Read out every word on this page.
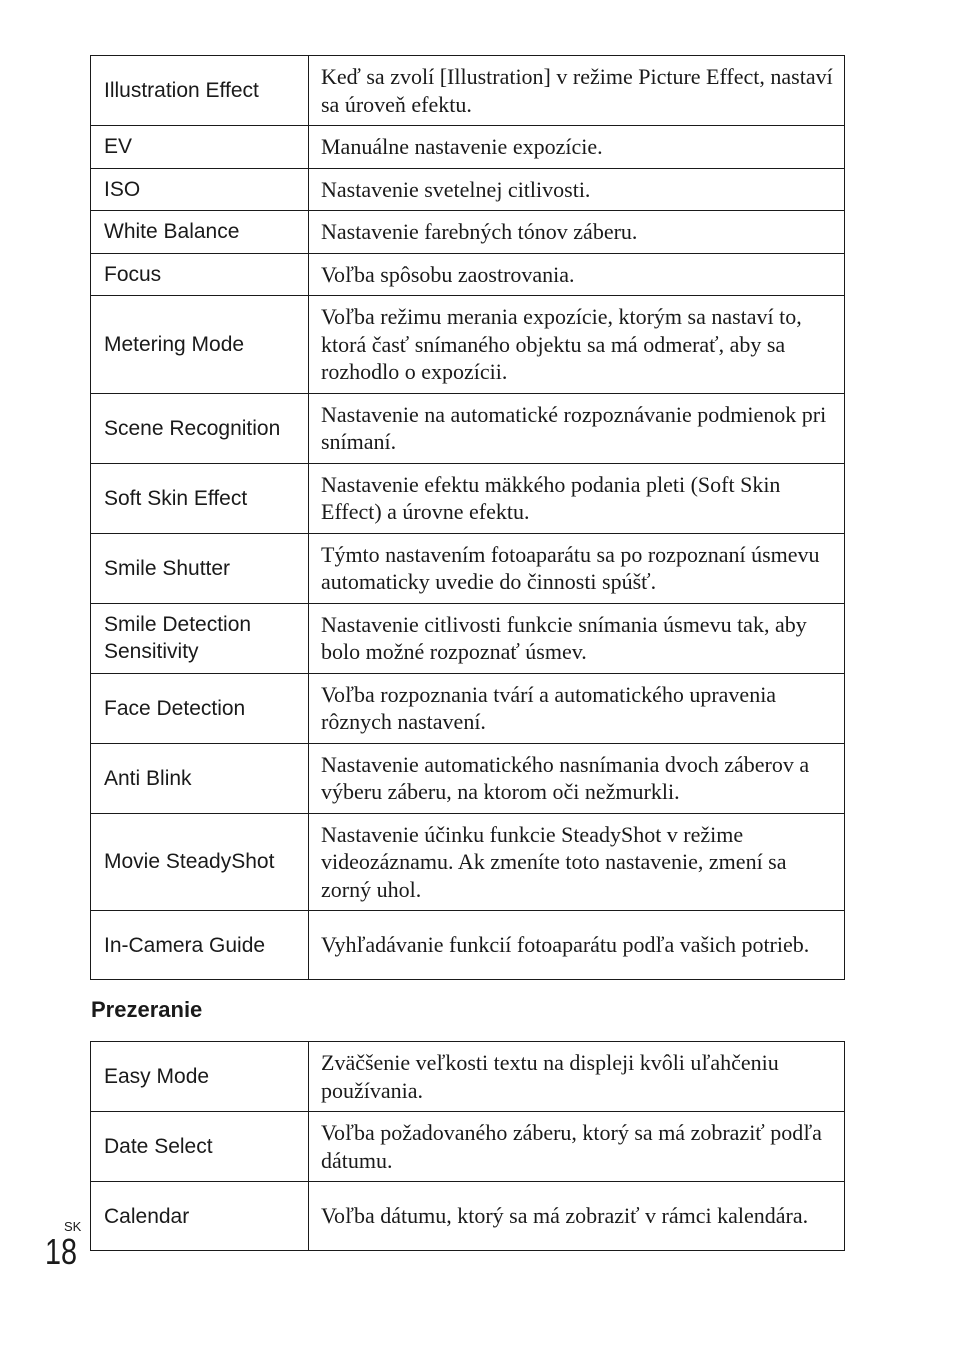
Illustration Effect	Keď sa zvolí [Illustration] v režime Picture Effect, nastaví sa úroveň efektu.
EV	Manuálne nastavenie expozície.
ISO	Nastavenie svetelnej citlivosti.
White Balance	Nastavenie farebných tónov záberu.
Focus	Voľba spôsobu zaostrovania.
Metering Mode	Voľba režimu merania expozície, ktorým sa nastaví to, ktorá časť snímaného objektu sa má odmerať, aby sa rozhodlo o expozícii.
Scene Recognition	Nastavenie na automatické rozpoznávanie podmienok pri snímaní.
Soft Skin Effect	Nastavenie efektu mäkkého podania pleti (Soft Skin Effect) a úrovne efektu.
Smile Shutter	Týmto nastavením fotoaparátu sa po rozpoznaní úsmevu automaticky uvedie do činnosti spúšť.
Smile Detection Sensitivity	Nastavenie citlivosti funkcie snímania úsmevu tak, aby bolo možné rozpoznať úsmev.
Face Detection	Voľba rozpoznania tvárí a automatického upravenia rôznych nastavení.
Anti Blink	Nastavenie automatického nasnímania dvoch záberov a výberu záberu, na ktorom oči nežmurkli.
Movie SteadyShot	Nastavenie účinku funkcie SteadyShot v režime videozáznamu. Ak zmeníte toto nastavenie, zmení sa zorný uhol.
In-Camera Guide	Vyhľadávanie funkcií fotoaparátu podľa vašich potrieb.
Prezeranie
Easy Mode	Zväčšenie veľkosti textu na displeji kvôli uľahčeniu používania.
Date Select	Voľba požadovaného záberu, ktorý sa má zobraziť podľa dátumu.
Calendar	Voľba dátumu, ktorý sa má zobraziť v rámci kalendára.
SK
18
